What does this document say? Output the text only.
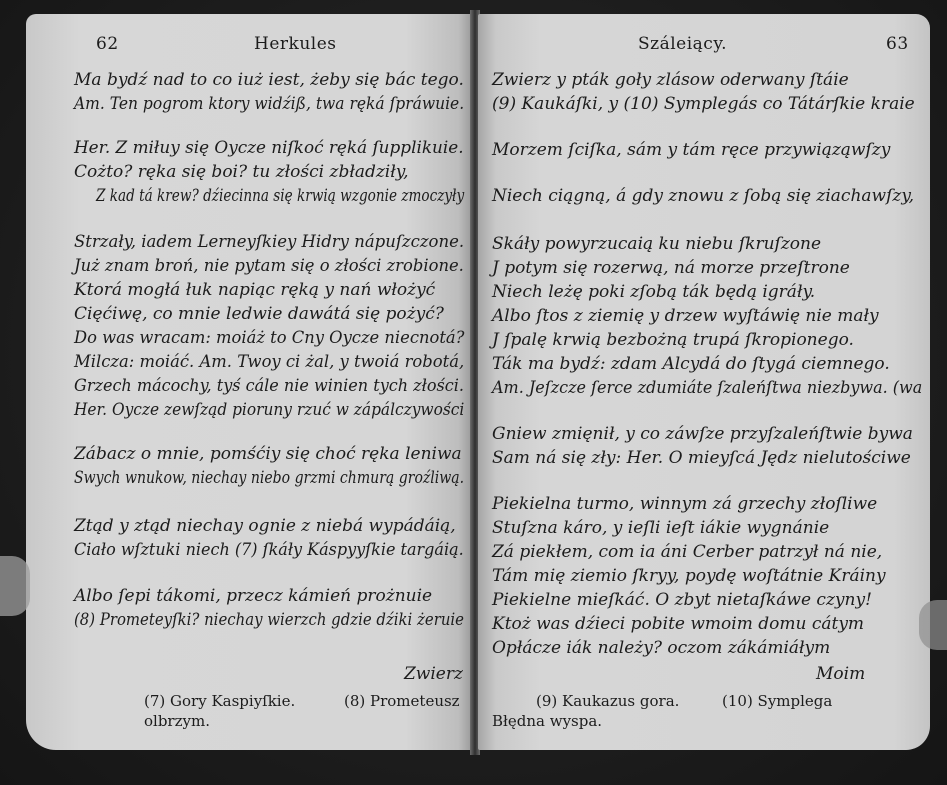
62	Herkules
Ma bydź nad to co iuż iest, żeby się bác tego.
Am. Ten pogrom ktory widźiß, twa ręká ſpráwuie.
Her. Z miłuy się Oycze niſkoć ręká ſupplikuie.
Cożto? ręka się boi? tu złości zbładziły,
Z kad tá krew? dźiecinna się krwią wzgonie zmoczyły
Strzały, iadem Lerneyſkiey Hidry nápuſzczone.
Już znam broń, nie pytam się o złości zrobione.
Ktorá mogłá łuk napiąc ręką y nań włożyć
Cięćiwę, co mnie ledwie dawátá się pożyć?
Do was wracam: moiáż to Cny Oycze niecnotá?
Milcza: moiáć. Am. Twoy ci żal, y twoiá robotá,
Grzech mácochy, tyś cále nie winien tych złości.
Her. Oycze zewſząd pioruny rzuć w zápálczywości
Zábacz o mnie, pomśćiy się choć ręka leniwa
Swych wnukow, niechay niebo grzmi chmurą groźliwą.
Ztąd y ztąd niechay ognie z niebá wypádáią,
Ciało wſztuki niech (7) ſkáły Káspyyſkie targáią.
Albo ſepi tákomi, przecz kámień prożnuie
(8) Prometeyſki? niechay wierzch gdzie dźiki żeruie
Zwierz
(7) Gory Kaspiyſkie.	(8) Prometeusz
olbrzym.
Száleiący.	63
Zwierz y pták goły zlásow oderwany ſtáie
(9) Kaukáſki, y (10) Symplegás co Tátárſkie kraie
Morzem ſciſka, sám y tám ręce przywiąząwſzy
Niech ciągną, á gdy znowu z ſobą się ziachawſzy,
Skáły powyrzucaią ku niebu ſkruſzone
J potym się rozerwą, ná morze przeſtrone
Niech leżę poki zſobą ták będą igráły.
Albo ſtos z ziemię y drzew wyſtáwię nie mały
J ſpalę krwią bezbożną trupá ſkropionego.
Ták ma bydź: zdam Alcydá do ſtygá ciemnego.
Am. Jeſzcze ſerce zdumiáte ſzaleńſtwa niezbywa. (wa
Gniew zmięnił, y co záwſze przyſzaleńſtwie bywa
Sam ná się zły: Her. O mieyſcá Jędz nielutościwe
Piekielna turmo, winnym zá grzechy złoſliwe
Stuſzna káro, y ieſli ieſt iákie wygnánie
Zá piekłem, com ia áni Cerber patrzył ná nie,
Tám mię ziemio ſkryy, poydę woſtátnie Kráiny
Piekielne mieſkáć. O zbyt nietaſkáwe czyny!
Ktoż was dźieci pobite wmoim domu cátym
Opłácze iák należy? oczom zákámiáłym
Moim
(9) Kaukazus gora.	(10) Symplega
Błędna wyspa.
